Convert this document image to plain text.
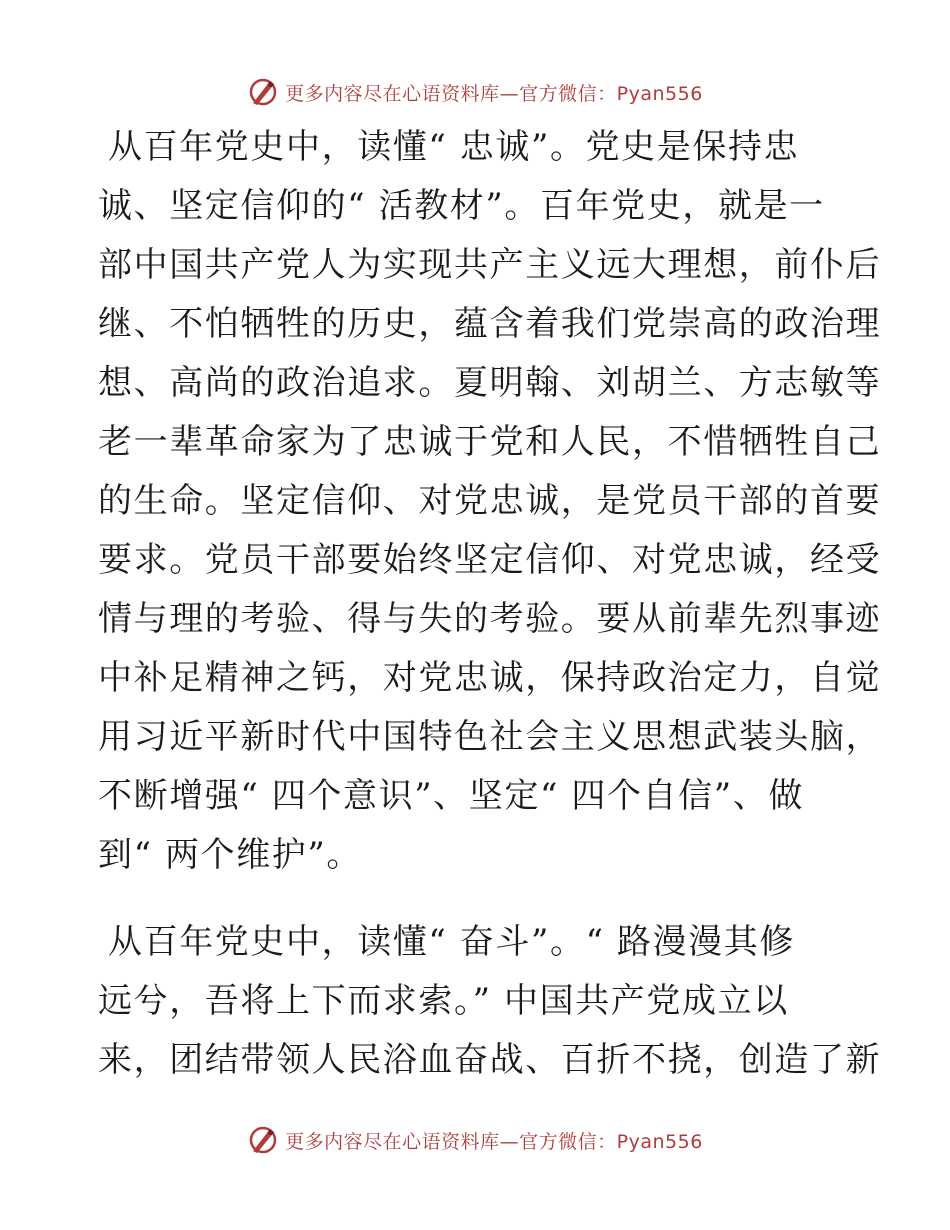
更多内容尽在心语资料库—官方微信：Pyan556

从百年党史中，读懂“ 忠诚”。党史是保持忠
诚、坚定信仰的“ 活教材”。百年党史，就是一
部中国共产党人为实现共产主义远大理想，前仆后
继、不怕牺牲的历史，蕴含着我们党崇高的政治理
想、高尚的政治追求。夏明翰、刘胡兰、方志敏等
老一辈革命家为了忠诚于党和人民，不惜牺牲自己
的生命。坚定信仰、对党忠诚，是党员干部的首要
要求。党员干部要始终坚定信仰、对党忠诚，经受
情与理的考验、得与失的考验。要从前辈先烈事迹
中补足精神之钙，对党忠诚，保持政治定力，自觉
用习近平新时代中国特色社会主义思想武装头脑，
不断增强“ 四个意识”、坚定“ 四个自信”、做
到“ 两个维护”。

从百年党史中，读懂“ 奋斗”。“ 路漫漫其修
远兮，吾将上下而求索。” 中国共产党成立以
来，团结带领人民浴血奋战、百折不挠，创造了新

更多内容尽在心语资料库—官方微信：Pyan556
